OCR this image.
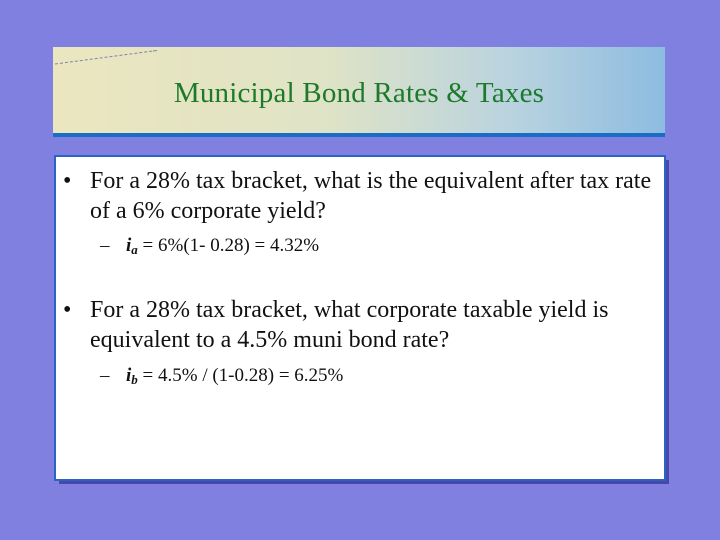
Municipal Bond Rates & Taxes
• For a 28% tax bracket, what is the equivalent after tax rate of a 6% corporate yield?
– $i_a = 6\%(1-$ 0.28) = 4.32%
• For a 28% tax bracket, what corporate taxable yield is equivalent to a 4.5% muni bond rate?
– $i_b = 4.5\% / (1-0.28) = 6.25\%$
